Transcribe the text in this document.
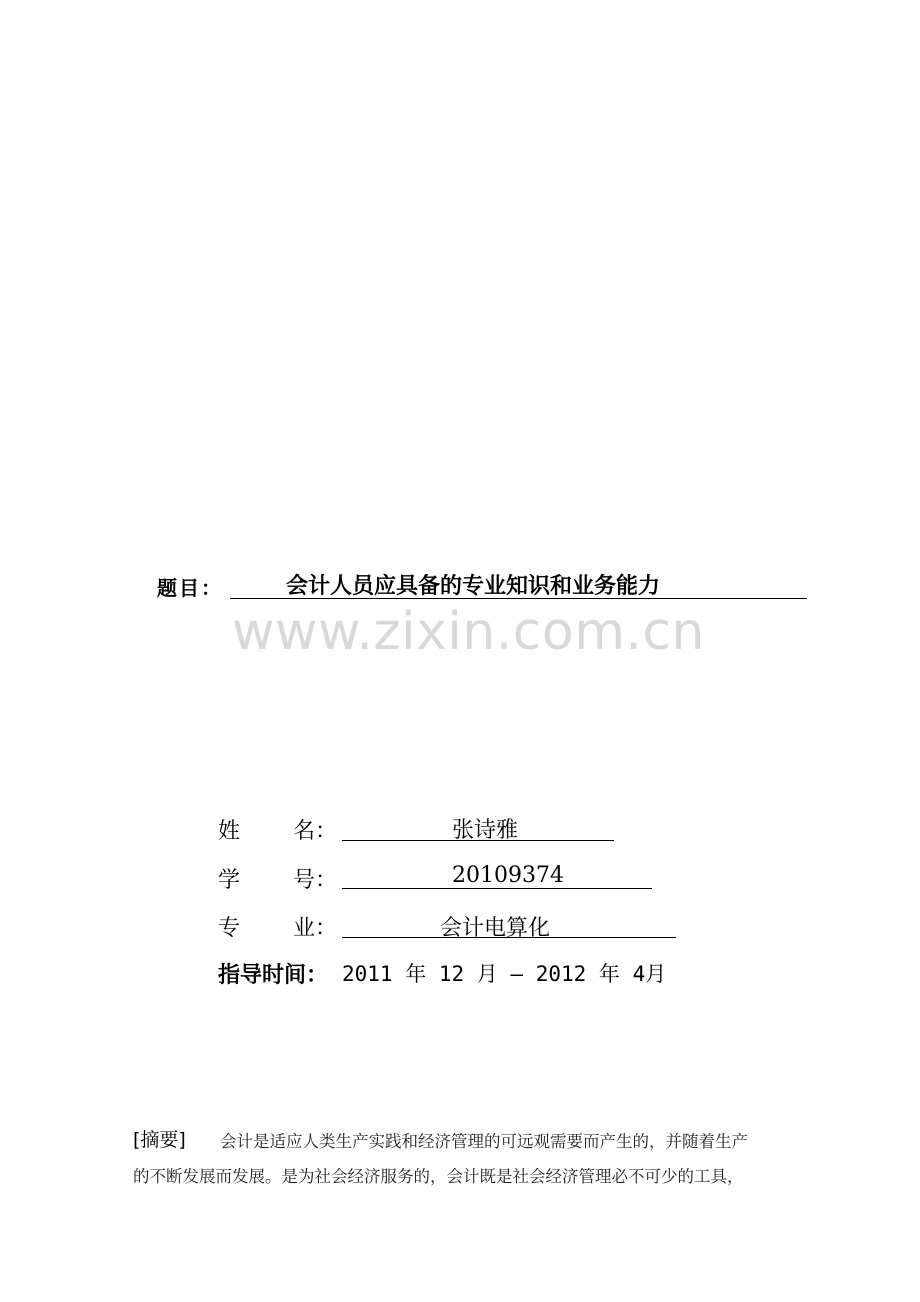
题目：	会计人员应具备的专业知识和业务能力
www.zixin.com.cn
姓 名：	张诗雅
学 号：	20109374
专 业：	会计电算化
指导时间： 2011 年 12 月 — 2012 年 4月
[摘要] 会计是适应人类生产实践和经济管理的可远观需要而产生的，并随着生产
的不断发展而发展。是为社会经济服务的，会计既是社会经济管理必不可少的工具，
